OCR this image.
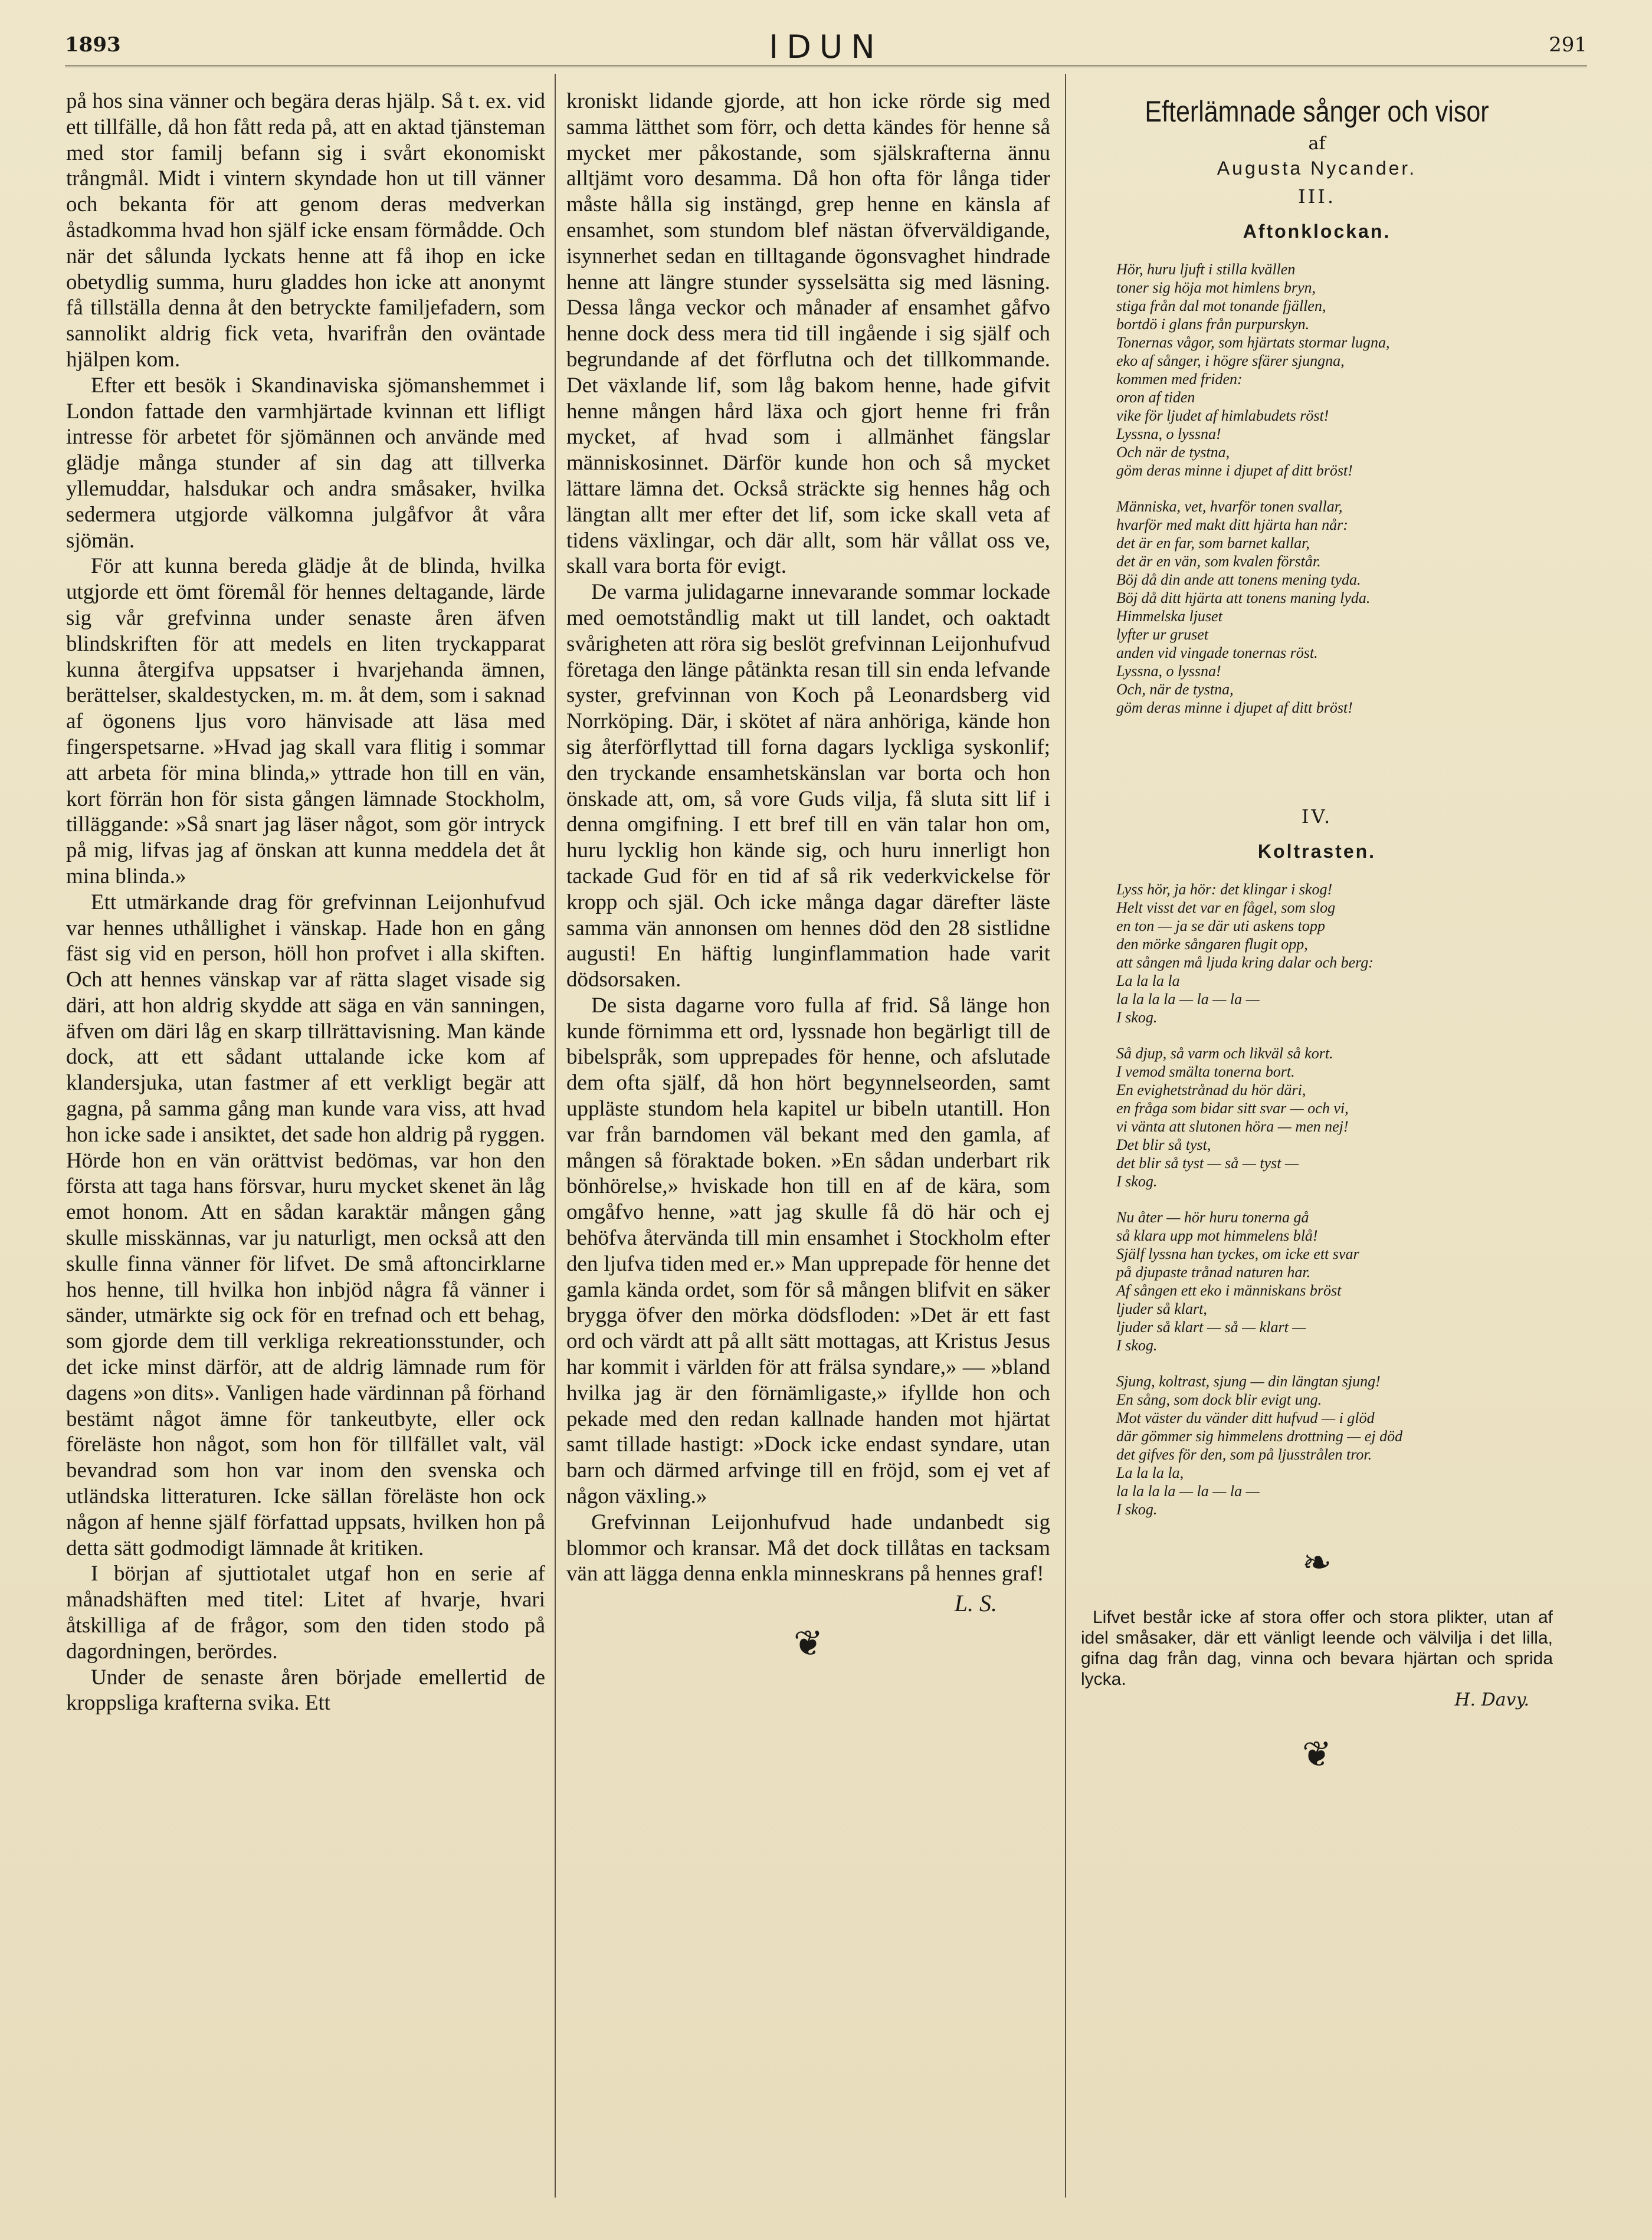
1893	IDUN	291

på hos sina vänner och begära deras hjälp. Så t. ex. vid ett tillfälle, då hon fått reda på, att en aktad tjänsteman med stor familj befann sig i svårt ekonomiskt trångmål. Midt i vintern skyndade hon ut till vänner och bekanta för att genom deras medverkan åstadkomma hvad hon själf icke ensam förmådde. Och när det sålunda lyckats henne att få ihop en icke obetydlig summa, huru gladdes hon icke att anonymt få tillställa denna åt den betryckte familjefadern, som sannolikt aldrig fick veta, hvarifrån den oväntade hjälpen kom.

Efter ett besök i Skandinaviska sjömanshemmet i London fattade den varmhjärtade kvinnan ett lifligt intresse för arbetet för sjömännen och använde med glädje många stunder af sin dag att tillverka yllemuddar, halsdukar och andra småsaker, hvilka sedermera utgjorde välkomna julgåfvor åt våra sjömän.

För att kunna bereda glädje åt de blinda, hvilka utgjorde ett ömt föremål för hennes deltagande, lärde sig vår grefvinna under senaste åren äfven blindskriften för att medels en liten tryckapparat kunna återgifva uppsatser i hvarjehanda ämnen, berättelser, skaldestycken, m. m. åt dem, som i saknad af ögonens ljus voro hänvisade att läsa med fingerspetsarne. »Hvad jag skall vara flitig i sommar att arbeta för mina blinda,» yttrade hon till en vän, kort förrän hon för sista gången lämnade Stockholm, tilläggande: »Så snart jag läser något, som gör intryck på mig, lifvas jag af önskan att kunna meddela det åt mina blinda.»

Ett utmärkande drag för grefvinnan Leijonhufvud var hennes uthållighet i vänskap. Hade hon en gång fäst sig vid en person, höll hon profvet i alla skiften. Och att hennes vänskap var af rätta slaget visade sig däri, att hon aldrig skydde att säga en vän sanningen, äfven om däri låg en skarp tillrättavisning. Man kände dock, att ett sådant uttalande icke kom af klandersjuka, utan fastmer af ett verkligt begär att gagna, på samma gång man kunde vara viss, att hvad hon icke sade i ansiktet, det sade hon aldrig på ryggen. Hörde hon en vän orättvist bedömas, var hon den första att taga hans försvar, huru mycket skenet än låg emot honom. Att en sådan karaktär mången gång skulle misskännas, var ju naturligt, men också att den skulle finna vänner för lifvet. De små aftoncirklarne hos henne, till hvilka hon inbjöd några få vänner i sänder, utmärkte sig ock för en trefnad och ett behag, som gjorde dem till verkliga rekreationsstunder, och det icke minst därför, att de aldrig lämnade rum för dagens »on dits». Vanligen hade värdinnan på förhand bestämt något ämne för tankeutbyte, eller ock föreläste hon något, som hon för tillfället valt, väl bevandrad som hon var inom den svenska och utländska litteraturen. Icke sällan föreläste hon ock någon af henne själf författad uppsats, hvilken hon på detta sätt godmodigt lämnade åt kritiken.

I början af sjuttiotalet utgaf hon en serie af månadshäften med titel: Litet af hvarje, hvari åtskilliga af de frågor, som den tiden stodo på dagordningen, berördes.

Under de senaste åren började emellertid de kroppsliga krafterna svika. Ett

kroniskt lidande gjorde, att hon icke rörde sig med samma lätthet som förr, och detta kändes för henne så mycket mer påkostande, som själskrafterna ännu alltjämt voro desamma. Då hon ofta för långa tider måste hålla sig instängd, grep henne en känsla af ensamhet, som stundom blef nästan öfverväldigande, isynnerhet sedan en tilltagande ögonsvaghet hindrade henne att längre stunder sysselsätta sig med läsning. Dessa långa veckor och månader af ensamhet gåfvo henne dock dess mera tid till ingående i sig själf och begrundande af det förflutna och det tillkommande. Det växlande lif, som låg bakom henne, hade gifvit henne mången hård läxa och gjort henne fri från mycket, af hvad som i allmänhet fängslar människosinnet. Därför kunde hon och så mycket lättare lämna det. Också sträckte sig hennes håg och längtan allt mer efter det lif, som icke skall veta af tidens växlingar, och där allt, som här vållat oss ve, skall vara borta för evigt.

De varma julidagarne innevarande sommar lockade med oemotståndlig makt ut till landet, och oaktadt svårigheten att röra sig beslöt grefvinnan Leijonhufvud företaga den länge påtänkta resan till sin enda lefvande syster, grefvinnan von Koch på Leonardsberg vid Norrköping. Där, i skötet af nära anhöriga, kände hon sig återförflyttad till forna dagars lyckliga syskonlif; den tryckande ensamhetskänslan var borta och hon önskade att, om, så vore Guds vilja, få sluta sitt lif i denna omgifning. I ett bref till en vän talar hon om, huru lycklig hon kände sig, och huru innerligt hon tackade Gud för en tid af så rik vederkvickelse för kropp och själ. Och icke många dagar därefter läste samma vän annonsen om hennes död den 28 sistlidne augusti! En häftig lunginflammation hade varit dödsorsaken.

De sista dagarne voro fulla af frid. Så länge hon kunde förnimma ett ord, lyssnade hon begärligt till de bibelspråk, som upprepades för henne, och afslutade dem ofta själf, då hon hört begynnelseorden, samt uppläste stundom hela kapitel ur bibeln utantill. Hon var från barndomen väl bekant med den gamla, af mången så föraktade boken. »En sådan underbart rik bönhörelse,» hviskade hon till en af de kära, som omgåfvo henne, »att jag skulle få dö här och ej behöfva återvända till min ensamhet i Stockholm efter den ljufva tiden med er.» Man upprepade för henne det gamla kända ordet, som för så mången blifvit en säker brygga öfver den mörka dödsfloden: »Det är ett fast ord och värdt att på allt sätt mottagas, att Kristus Jesus har kommit i världen för att frälsa syndare,» — »bland hvilka jag är den förnämligaste,» ifyllde hon och pekade med den redan kallnade handen mot hjärtat samt tillade hastigt: »Dock icke endast syndare, utan barn och därmed arfvinge till en fröjd, som ej vet af någon växling.»

Grefvinnan Leijonhufvud hade undanbedt sig blommor och kransar. Må det dock tillåtas en tacksam vän att lägga denna enkla minneskrans på hennes graf!

L. S.
❦
Efterlämnade sånger och visor
af
Augusta Nycander.
III.
Aftonklockan.
Hör, huru ljuft i stilla kvällen
toner sig höja mot himlens bryn,
stiga från dal mot tonande fjällen,
bortdö i glans från purpurskyn.
Tonernas vågor, som hjärtats stormar lugna,
eko af sånger, i högre sfärer sjungna,
kommen med friden:
oron af tiden
vike för ljudet af himlabudets röst!
Lyssna, o lyssna!
Och när de tystna,
göm deras minne i djupet af ditt bröst!
Människa, vet, hvarför tonen svallar,
hvarför med makt ditt hjärta han når:
det är en far, som barnet kallar,
det är en vän, som kvalen förstår.
Böj då din ande att tonens mening tyda.
Böj då ditt hjärta att tonens maning lyda.
Himmelska ljuset
lyfter ur gruset
anden vid vingade tonernas röst.
Lyssna, o lyssna!
Och, när de tystna,
göm deras minne i djupet af ditt bröst!
IV.
Koltrasten.
Lyss hör, ja hör: det klingar i skog!
Helt visst det var en fågel, som slog
en ton — ja se där uti askens topp
den mörke sångaren flugit opp,
att sången må ljuda kring dalar och berg:
La la la la
la la la la — la — la —
I skog.
Så djup, så varm och likväl så kort.
I vemod smälta tonerna bort.
En evighetstrånad du hör däri,
en fråga som bidar sitt svar — och vi,
vi vänta att slutonen höra — men nej!
Det blir så tyst,
det blir så tyst — så — tyst —
I skog.
Nu åter — hör huru tonerna gå
så klara upp mot himmelens blå!
Själf lyssna han tyckes, om icke ett svar
på djupaste trånad naturen har.
Af sången ett eko i människans bröst
ljuder så klart,
ljuder så klart — så — klart —
I skog.
Sjung, koltrast, sjung — din längtan sjung!
En sång, som dock blir evigt ung.
Mot väster du vänder ditt hufvud — i glöd
där gömmer sig himmelens drottning — ej död
det gifves för den, som på ljusstrålen tror.
La la la la,
la la la la — la — la —
I skog.
❧
Lifvet består icke af stora offer och stora plikter, utan af idel småsaker, där ett vänligt leende och välvilja i det lilla, gifna dag från dag, vinna och bevara hjärtan och sprida lycka.
H. Davy.
❦
